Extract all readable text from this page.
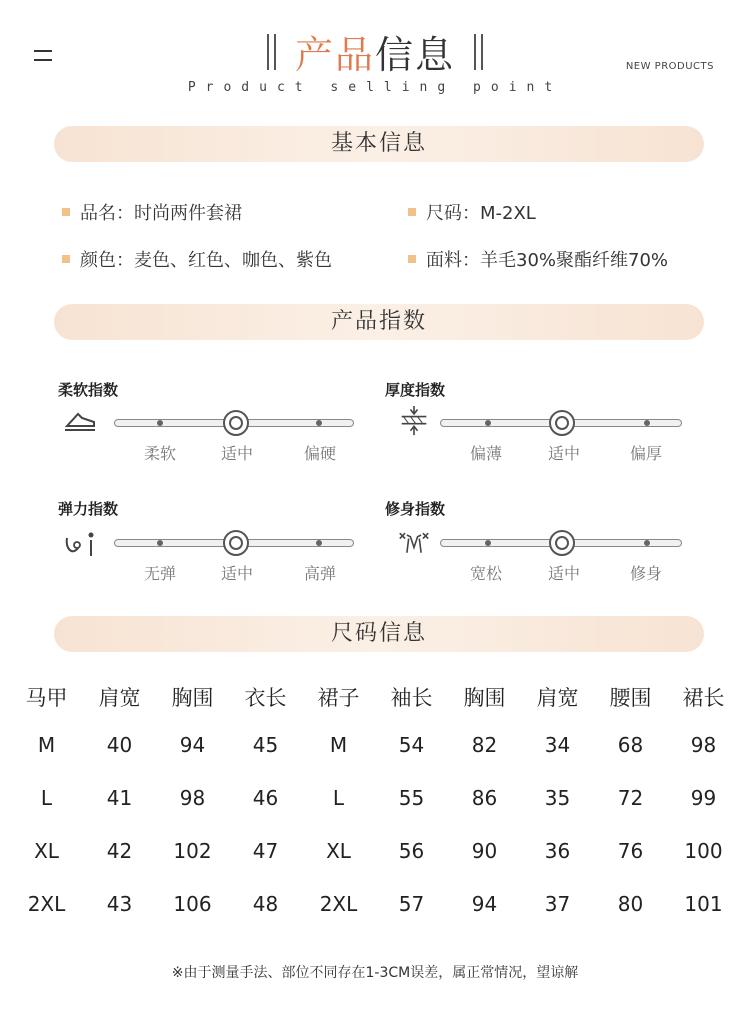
产品信息
Product selling point
NEW PRODUCTS
基本信息
品名：时尚两件套裙	尺码：M-2XL
颜色：麦色、红色、咖色、紫色	面料：羊毛30%聚酯纤维70%
产品指数
柔软指数
柔软	适中	偏硬
厚度指数
偏薄	适中	偏厚
弹力指数
无弹	适中	高弹
修身指数
宽松	适中	修身
尺码信息
马甲	肩宽	胸围	衣长	裙子	袖长	胸围	肩宽	腰围	裙长
M	40	94	45	M	54	82	34	68	98
L	41	98	46	L	55	86	35	72	99
XL	42	102	47	XL	56	90	36	76	100
2XL	43	106	48	2XL	57	94	37	80	101
※由于测量手法、部位不同存在1-3CM误差，属正常情况，望谅解
